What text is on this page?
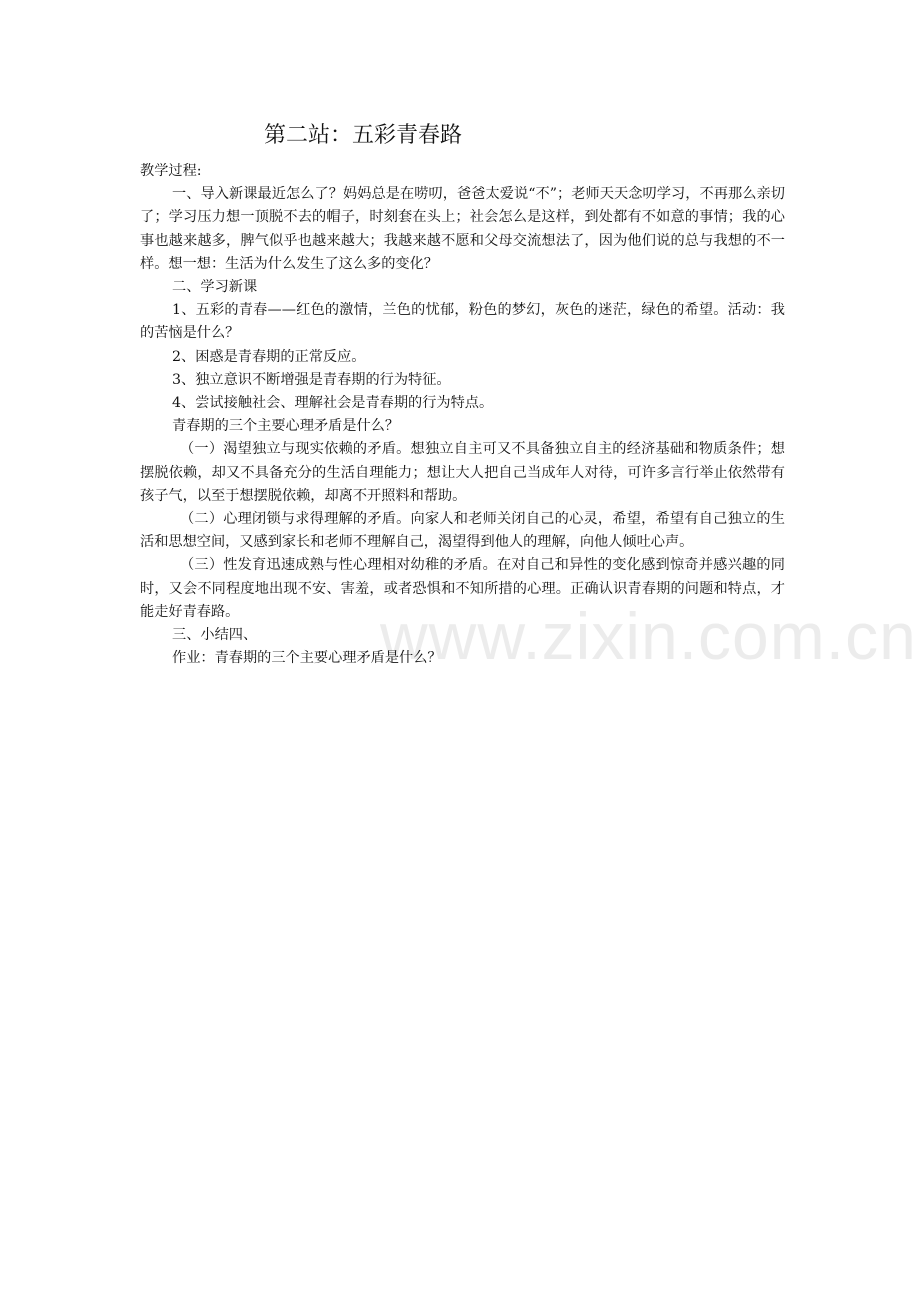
www.zixin.com.cn
第二站：五彩青春路

教学过程:

一、导入新课最近怎么了？妈妈总是在唠叨，爸爸太爱说“不”；老师天天念叨学习，不再那么亲切了；学习压力想一顶脱不去的帽子，时刻套在头上；社会怎么是这样，到处都有不如意的事情；我的心事也越来越多，脾气似乎也越来越大；我越来越不愿和父母交流想法了，因为他们说的总与我想的不一样。想一想：生活为什么发生了这么多的变化？

二、学习新课

1、五彩的青春——红色的激情，兰色的忧郁，粉色的梦幻，灰色的迷茫，绿色的希望。活动：我的苦恼是什么？

2、困惑是青春期的正常反应。

3、独立意识不断增强是青春期的行为特征。

4、尝试接触社会、理解社会是青春期的行为特点。

青春期的三个主要心理矛盾是什么？

（一）渴望独立与现实依赖的矛盾。想独立自主可又不具备独立自主的经济基础和物质条件；想摆脱依赖，却又不具备充分的生活自理能力；想让大人把自己当成年人对待，可许多言行举止依然带有孩子气，以至于想摆脱依赖，却离不开照料和帮助。

（二）心理闭锁与求得理解的矛盾。向家人和老师关闭自己的心灵，希望，希望有自己独立的生活和思想空间，又感到家长和老师不理解自己，渴望得到他人的理解，向他人倾吐心声。

（三）性发育迅速成熟与性心理相对幼稚的矛盾。在对自己和异性的变化感到惊奇并感兴趣的同时，又会不同程度地出现不安、害羞，或者恐惧和不知所措的心理。正确认识青春期的问题和特点，才能走好青春路。

三、小结四、

作业：青春期的三个主要心理矛盾是什么？
